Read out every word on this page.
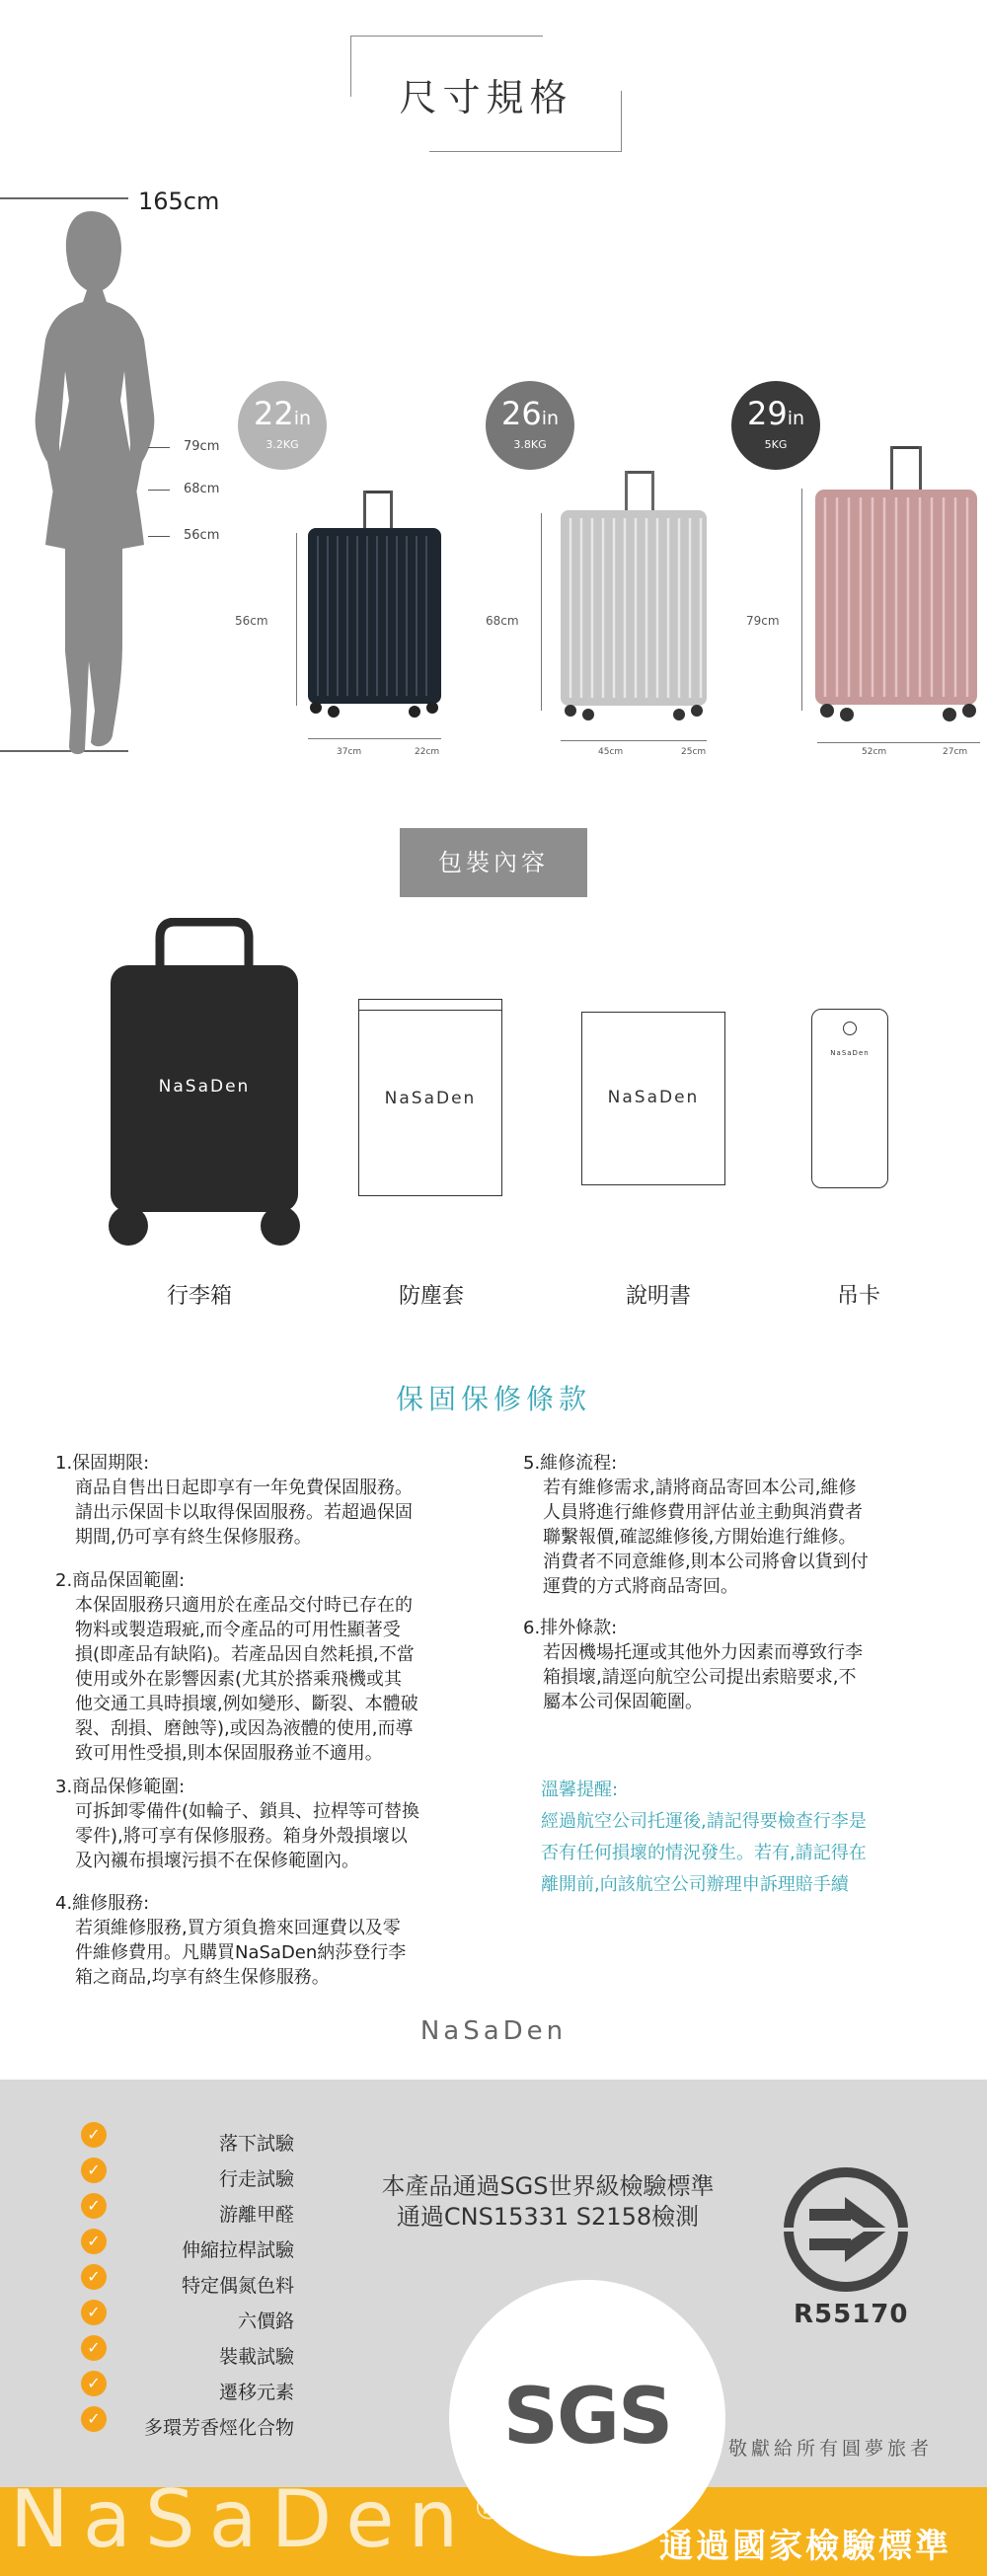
尺寸規格
165cm
79cm
68cm
56cm
22in
3.2KG
26in
3.8KG
29in
5KG
56cm
37cm	22cm
68cm
45cm	25cm
79cm
52cm	27cm
包裝內容
NaSaDen
NaSaDen	NaSaDen
NaSaDen
行李箱	防塵套	說明書	吊卡
保固保修條款
1.保固期限:
商品自售出日起即享有一年免費保固服務。
請出示保固卡以取得保固服務。若超過保固
期間,仍可享有終生保修服務。
2.商品保固範圍:
本保固服務只適用於在產品交付時已存在的
物料或製造瑕疵,而令產品的可用性顯著受
損(即產品有缺陷)。若產品因自然耗損,不當
使用或外在影響因素(尤其於搭乘飛機或其
他交通工具時損壞,例如變形、斷裂、本體破
裂、刮損、磨蝕等),或因為液體的使用,而導
致可用性受損,則本保固服務並不適用。
3.商品保修範圍:
可拆卸零備件(如輪子、鎖具、拉桿等可替換
零件),將可享有保修服務。箱身外殼損壞以
及內襯布損壞污損不在保修範圍內。
4.維修服務:
若須維修服務,買方須負擔來回運費以及零
件維修費用。凡購買NaSaDen納莎登行李
箱之商品,均享有終生保修服務。
5.維修流程:
若有維修需求,請將商品寄回本公司,維修
人員將進行維修費用評估並主動與消費者
聯繫報價,確認維修後,方開始進行維修。
消費者不同意維修,則本公司將會以貨到付
運費的方式將商品寄回。
6.排外條款:
若因機場托運或其他外力因素而導致行李
箱損壞,請逕向航空公司提出索賠要求,不
屬本公司保固範圍。
溫馨提醒:
經過航空公司托運後,請記得要檢查行李是
否有任何損壞的情況發生。若有,請記得在
離開前,向該航空公司辦理申訴理賠手續
NaSaDen
✓	落下試驗
✓	行走試驗
✓	游離甲醛
✓	伸縮拉桿試驗
✓	特定偶氮色料
✓	六價鉻
✓	裝載試驗
✓	遷移元素
✓	多環芳香烴化合物
本產品通過SGS世界級檢驗標準
通過CNS15331 S2158檢測
R55170
SGS	敬獻給所有圓夢旅者
NaSaDen®
通過國家檢驗標準
